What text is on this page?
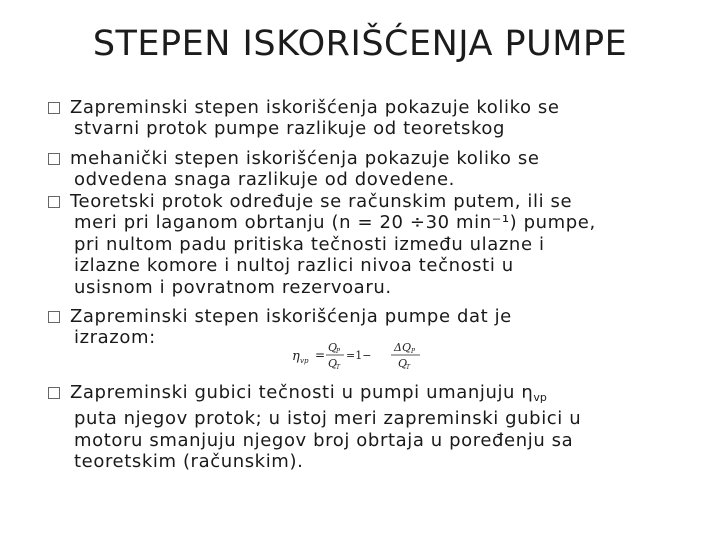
STEPEN ISKORIŠĆENJA PUMPE
Zapreminski stepen iskorišćenja pokazuje koliko se
stvarni protok pumpe razlikuje od teoretskog
mehanički stepen iskorišćenja pokazuje koliko se
odvedena snaga razlikuje od dovedene.
Teoretski protok određuje se računskim putem, ili se
meri pri laganom obrtanju (n = 20 ÷30 min⁻¹) pumpe,
pri nultom padu pritiska tečnosti između ulazne i
izlazne komore i nultoj razlici nivoa tečnosti u
usisnom i povratnom rezervoaru.
Zapreminski stepen iskorišćenja pumpe dat je
izrazom:
η vp =
Q
P
Q
T
=1−
ΔQ P
Q
T
Zapreminski gubici tečnosti u pumpi umanjuju $\eta_{vp}$
puta njegov protok; u istoj meri zapreminski gubici u
motoru smanjuju njegov broj obrtaja u poređenju sa
teoretskim (računskim).
